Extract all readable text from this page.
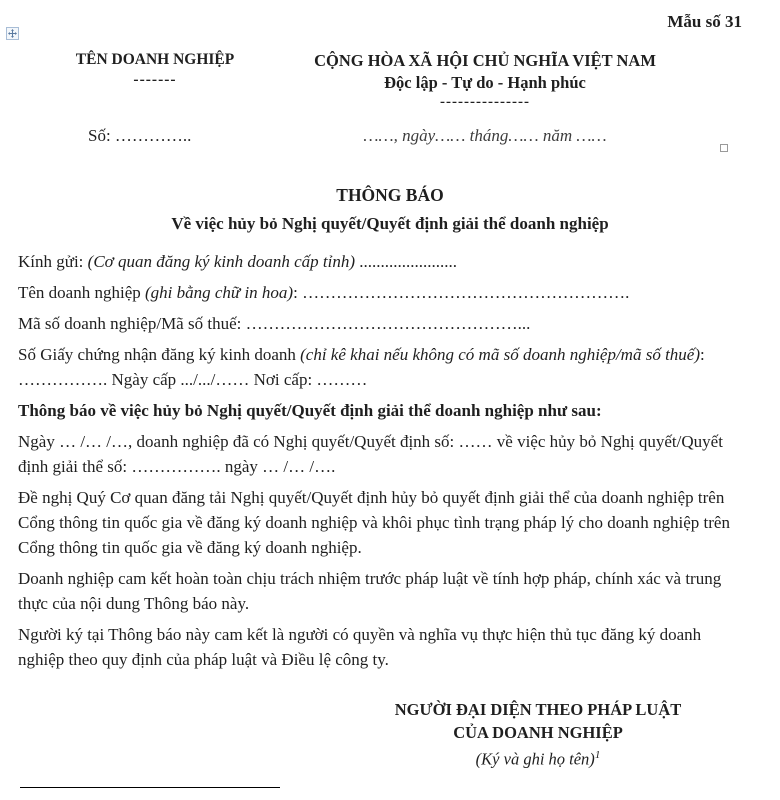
Mẫu số 31
TÊN DOANH NGHIỆP
-------
CỘNG HÒA XÃ HỘI CHỦ NGHĨA VIỆT NAM
Độc lập - Tự do - Hạnh phúc
---------------
Số: …………..	……, ngày…… tháng…… năm ……
THÔNG BÁO
Về việc hủy bỏ Nghị quyết/Quyết định giải thể doanh nghiệp

Kính gửi: (Cơ quan đăng ký kinh doanh cấp tỉnh) .......................

Tên doanh nghiệp (ghi bằng chữ in hoa): ………………………………………………….

Mã số doanh nghiệp/Mã số thuế: …………………………………………...

Số Giấy chứng nhận đăng ký kinh doanh (chỉ kê khai nếu không có mã số doanh nghiệp/mã số thuế): ……………. Ngày cấp .../.../…… Nơi cấp: ………

Thông báo về việc hủy bỏ Nghị quyết/Quyết định giải thể doanh nghiệp như sau:

Ngày … /… /…, doanh nghiệp đã có Nghị quyết/Quyết định số: …… về việc hủy bỏ Nghị quyết/Quyết định giải thể số: ……………. ngày … /… /….

Đề nghị Quý Cơ quan đăng tải Nghị quyết/Quyết định hủy bỏ quyết định giải thể của doanh nghiệp trên Cổng thông tin quốc gia về đăng ký doanh nghiệp và khôi phục tình trạng pháp lý cho doanh nghiệp trên Cổng thông tin quốc gia về đăng ký doanh nghiệp.

Doanh nghiệp cam kết hoàn toàn chịu trách nhiệm trước pháp luật về tính hợp pháp, chính xác và trung thực của nội dung Thông báo này.

Người ký tại Thông báo này cam kết là người có quyền và nghĩa vụ thực hiện thủ tục đăng ký doanh nghiệp theo quy định của pháp luật và Điều lệ công ty.

NGƯỜI ĐẠI DIỆN THEO PHÁP LUẬT
CỦA DOANH NGHIỆP
(Ký và ghi họ tên)$^1$
